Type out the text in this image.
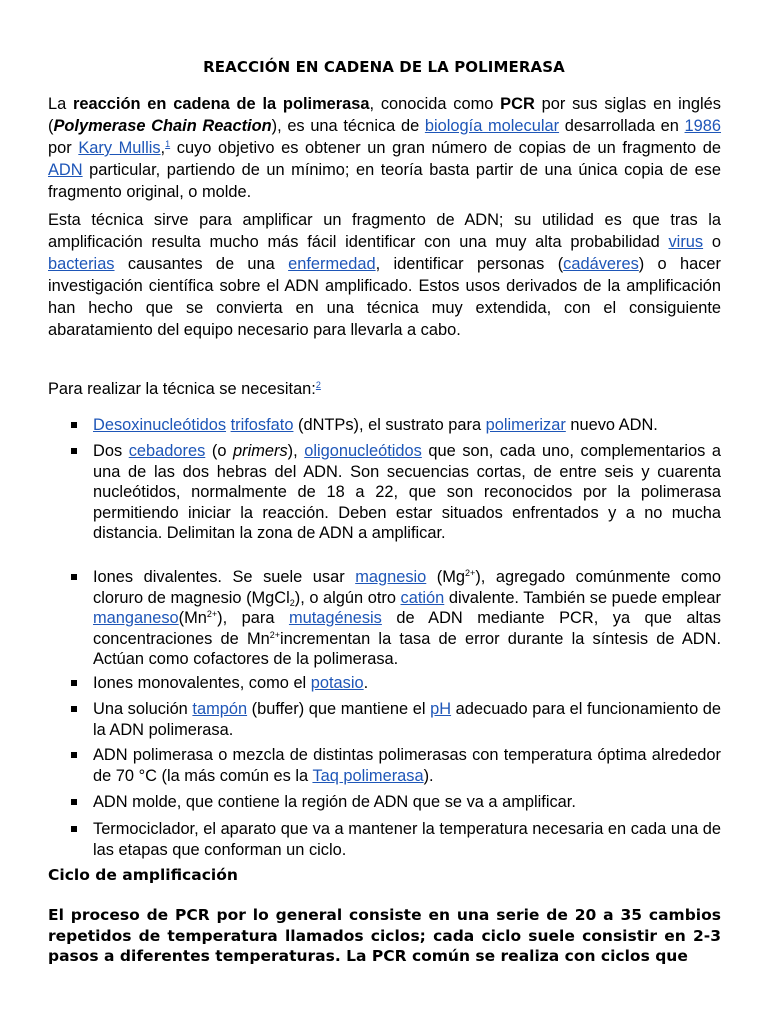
REACCIÓN EN CADENA DE LA POLIMERASA
La reacción en cadena de la polimerasa, conocida como PCR por sus siglas en inglés (Polymerase Chain Reaction), es una técnica de biología molecular desarrollada en 1986 por Kary Mullis,$^1$ cuyo objetivo es obtener un gran número de copias de un fragmento de ADN particular, partiendo de un mínimo; en teoría basta partir de una única copia de ese fragmento original, o molde.
Esta técnica sirve para amplificar un fragmento de ADN; su utilidad es que tras la amplificación resulta mucho más fácil identificar con una muy alta probabilidad virus o bacterias causantes de una enfermedad, identificar personas (cadáveres) o hacer investigación científica sobre el ADN amplificado. Estos usos derivados de la amplificación han hecho que se convierta en una técnica muy extendida, con el consiguiente abaratamiento del equipo necesario para llevarla a cabo.
Para realizar la técnica se necesitan:$^2$
Desoxinucleótidos trifosfato (dNTPs), el sustrato para polimerizar nuevo ADN.
Dos cebadores (o primers), oligonucleótidos que son, cada uno, complementarios a una de las dos hebras del ADN. Son secuencias cortas, de entre seis y cuarenta nucleótidos, normalmente de 18 a 22, que son reconocidos por la polimerasa permitiendo iniciar la reacción. Deben estar situados enfrentados y a no mucha distancia. Delimitan la zona de ADN a amplificar.
Iones divalentes. Se suele usar magnesio $(Mg^{2+})$, agregado comúnmente como cloruro de magnesio (MgCl$_2$), o algún otro catión divalente. También se puede emplear $manganeso(Mn^{2+})$, para mutagénesis de ADN mediante PCR, ya que altas concentraciones de $Mn^{2+}incrementan$ la tasa de error durante la síntesis de ADN. Actúan como cofactores de la polimerasa.
Iones monovalentes, como el potasio.
Una solución tampón (buffer) que mantiene el pH adecuado para el funcionamiento de la ADN polimerasa.
ADN polimerasa o mezcla de distintas polimerasas con temperatura óptima alrededor de 70 °C (la más común es la Taq polimerasa).
ADN molde, que contiene la región de ADN que se va a amplificar.
Termociclador, el aparato que va a mantener la temperatura necesaria en cada una de las etapas que conforman un ciclo.
Ciclo de amplificación
El proceso de PCR por lo general consiste en una serie de 20 a 35 cambios repetidos de temperatura llamados ciclos; cada ciclo suele consistir en 2-3 pasos a diferentes temperaturas. La PCR común se realiza con ciclos que
